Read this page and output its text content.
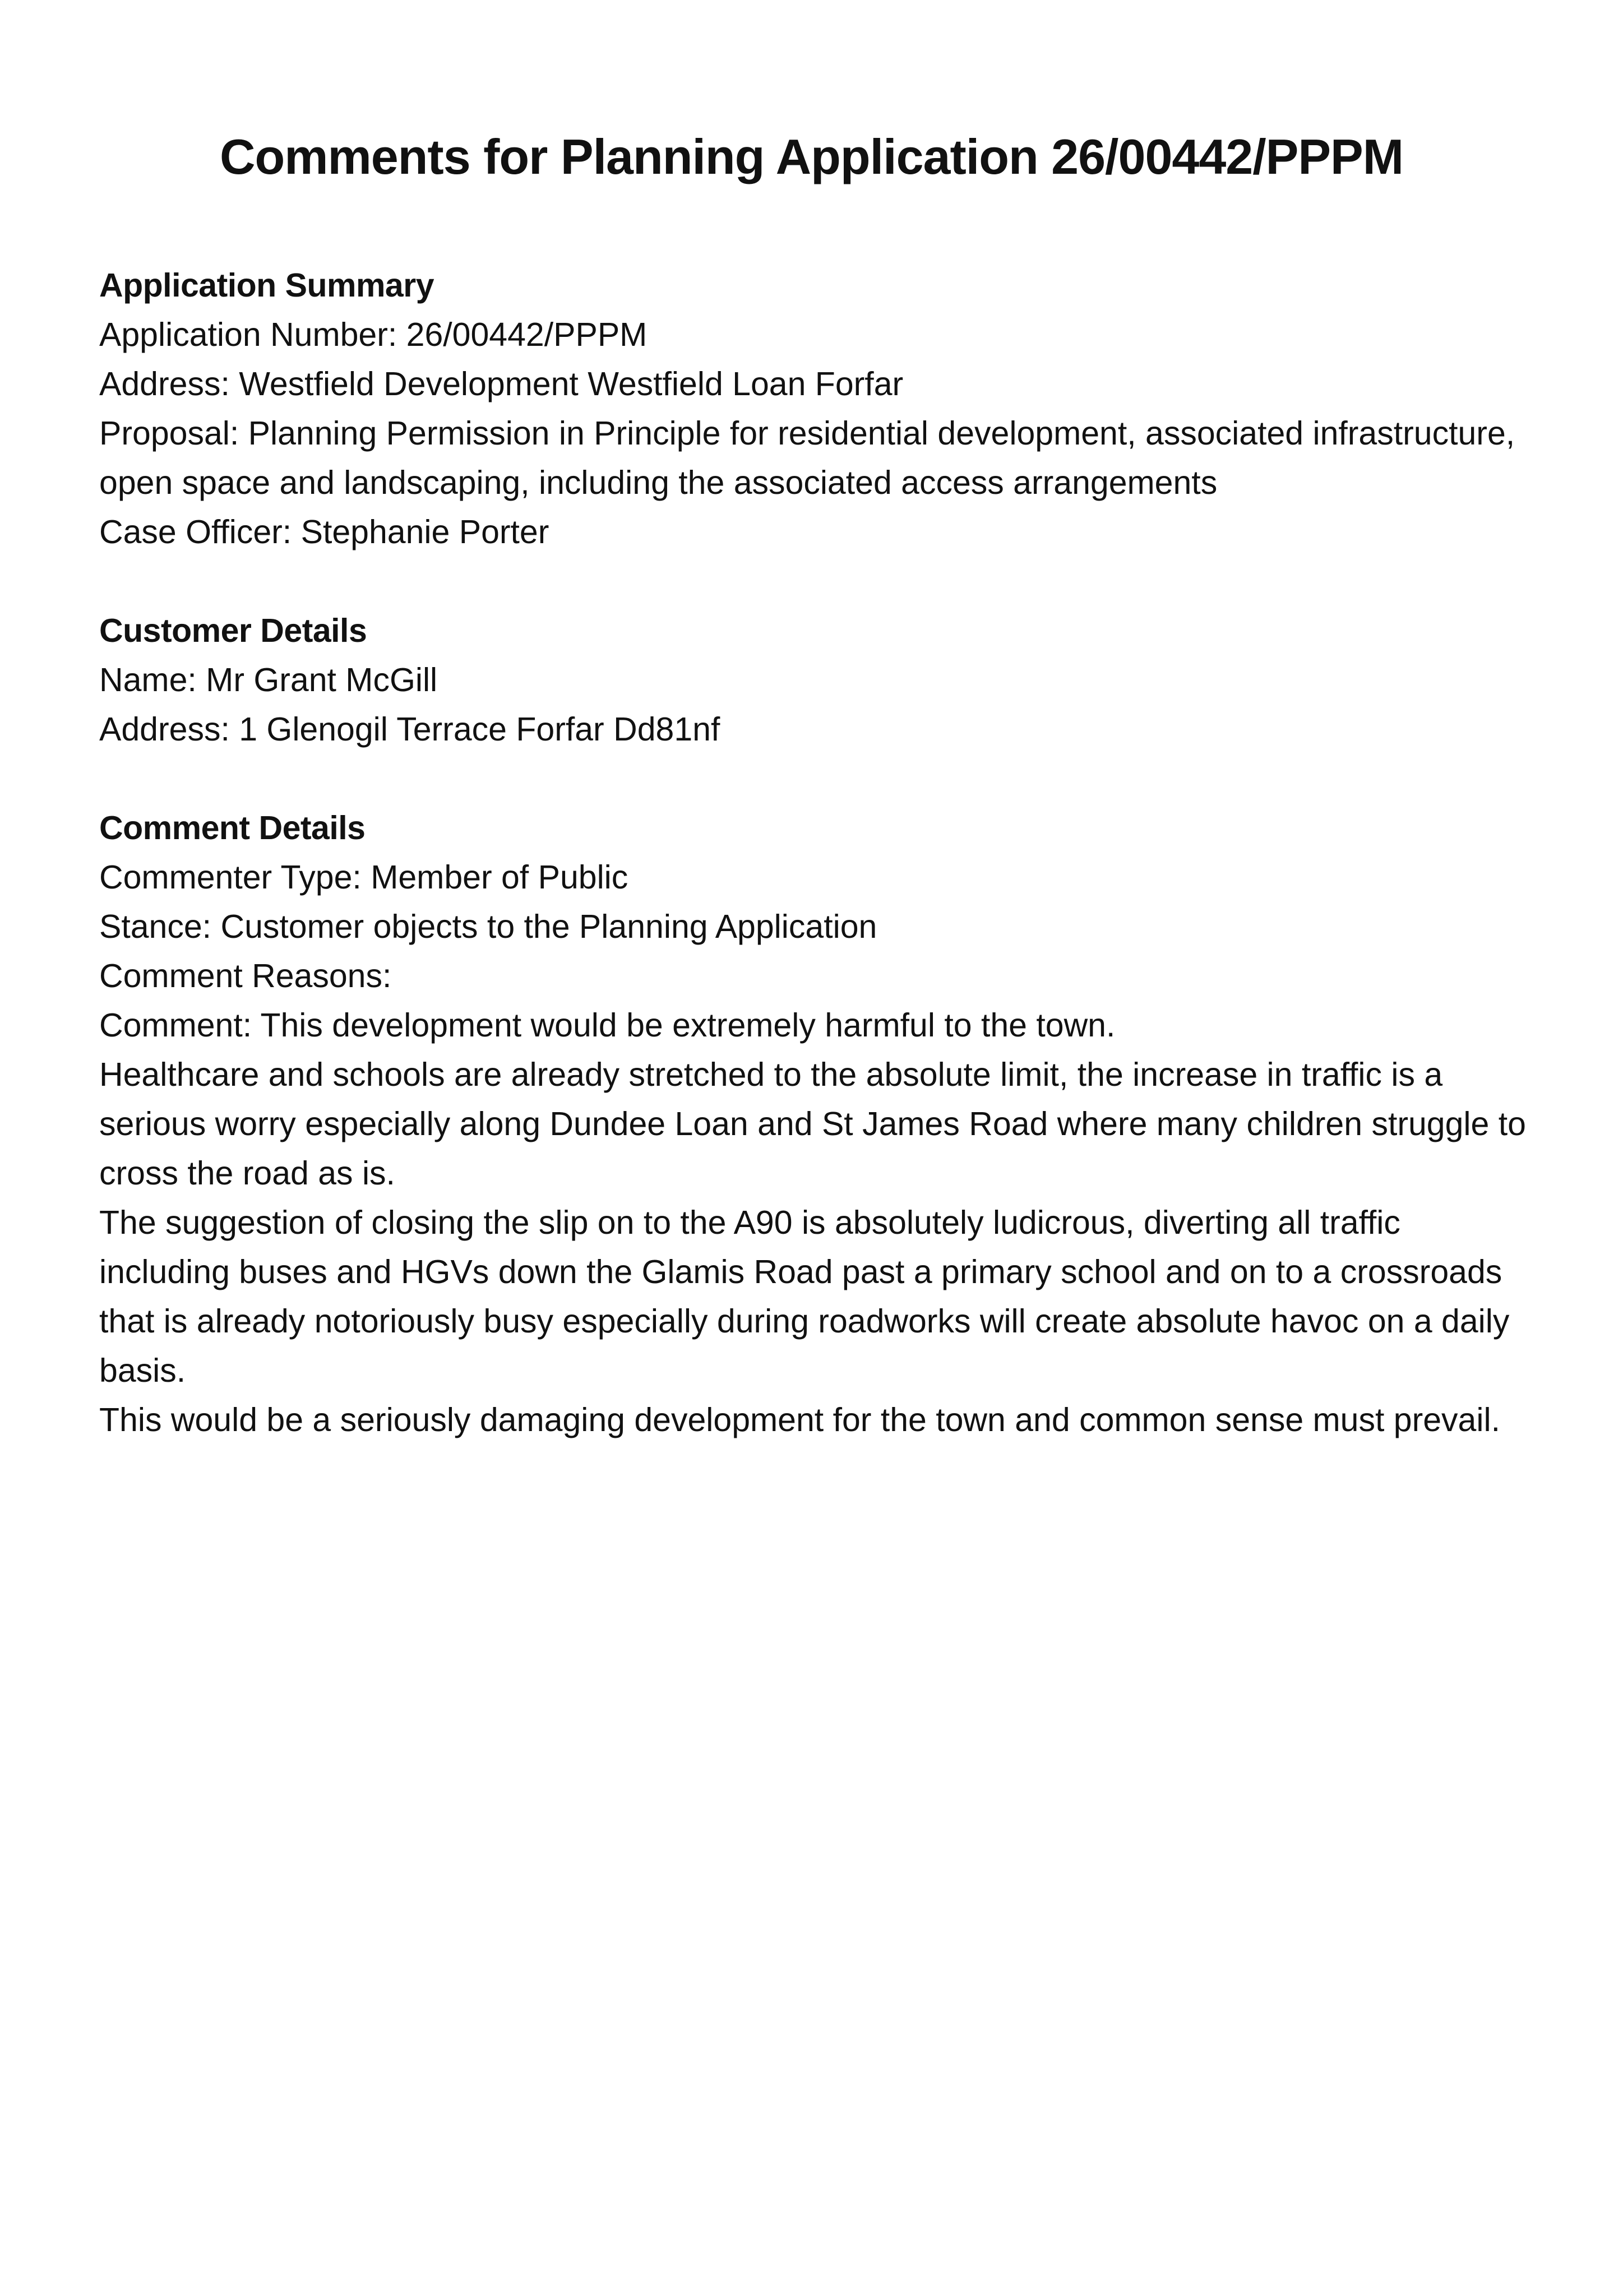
Comments for Planning Application 26/00442/PPPM

Application Summary

Application Number: 26/00442/PPPM

Address: Westfield Development Westfield Loan Forfar

Proposal: Planning Permission in Principle for residential development, associated infrastructure,

open space and landscaping, including the associated access arrangements

Case Officer: Stephanie Porter

Customer Details

Name: Mr Grant McGill

Address: 1 Glenogil Terrace Forfar Dd81nf

Comment Details

Commenter Type: Member of Public

Stance: Customer objects to the Planning Application

Comment Reasons:

Comment: This development would be extremely harmful to the town.

Healthcare and schools are already stretched to the absolute limit, the increase in traffic is a

serious worry especially along Dundee Loan and St James Road where many children struggle to

cross the road as is.

The suggestion of closing the slip on to the A90 is absolutely ludicrous, diverting all traffic

including buses and HGVs down the Glamis Road past a primary school and on to a crossroads

that is already notoriously busy especially during roadworks will create absolute havoc on a daily

basis.

This would be a seriously damaging development for the town and common sense must prevail.
